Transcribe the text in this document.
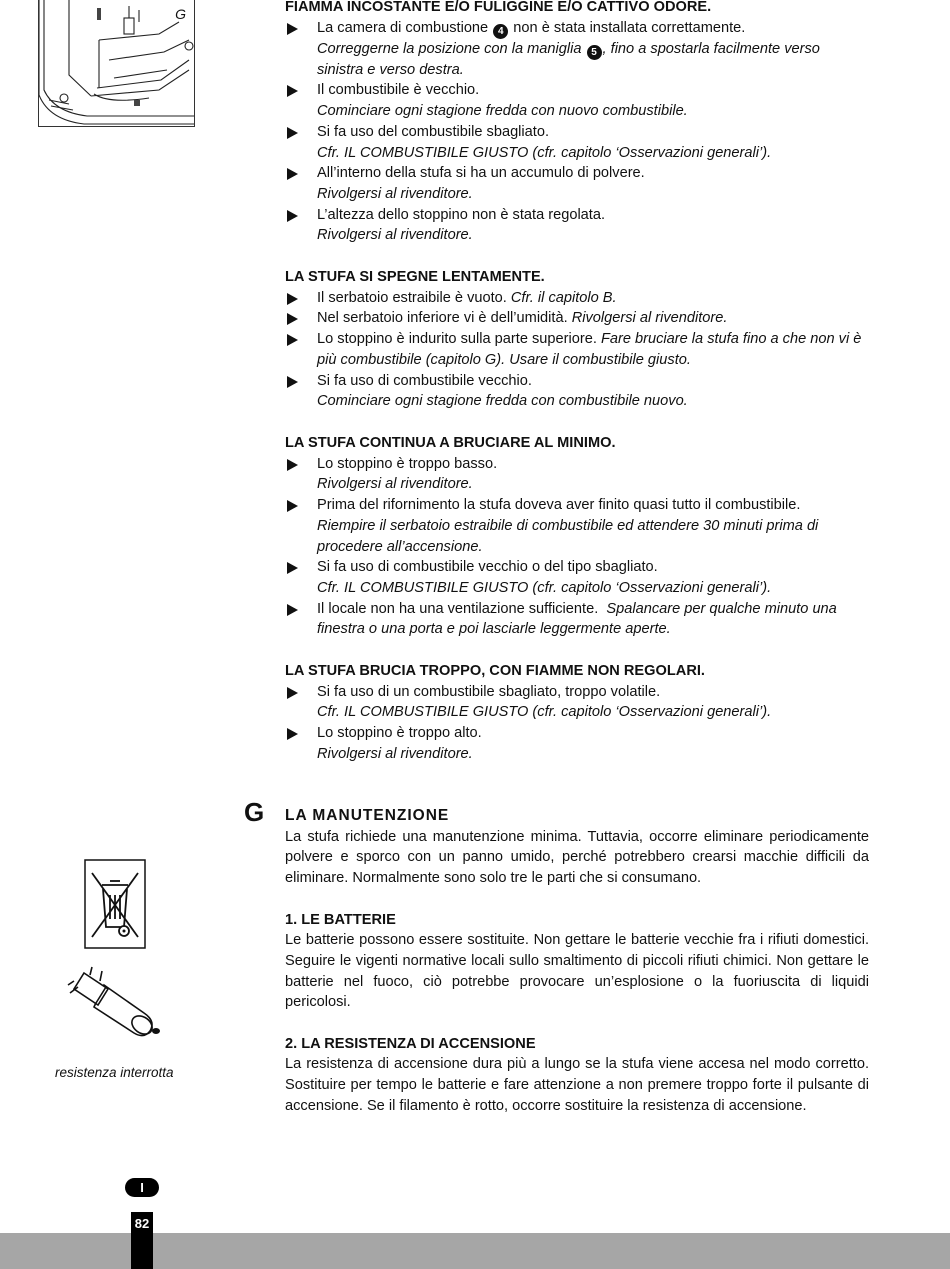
G	FIAMMA INCOSTANTE E/O FULIGGINE E/O CATTIVO ODORE.

La camera di combustione 4 non è stata installata correttamente.

Correggerne la posizione con la maniglia 5 , fino a spostarla facilmente verso sinistra e verso destra.

Il combustibile è vecchio.

Cominciare ogni stagione fredda con nuovo combustibile.

Si fa uso del combustibile sbagliato.

Cfr. IL COMBUSTIBILE GIUSTO (cfr. capitolo ‘Osservazioni generali’).

All’interno della stufa si ha un accumulo di polvere.

Rivolgersi al rivenditore.

L’altezza dello stoppino non è stata regolata.

Rivolgersi al rivenditore.

LA STUFA SI SPEGNE LENTAMENTE.

Il serbatoio estraibile è vuoto. Cfr. il capitolo B.

Nel serbatoio inferiore vi è dell’umidità. Rivolgersi al rivenditore.

Lo stoppino è indurito sulla parte superiore. Fare bruciare la stufa fino a che non vi è più combustibile (capitolo G). Usare il combustibile giusto.

Si fa uso di combustibile vecchio.

Cominciare ogni stagione fredda con combustibile nuovo.

LA STUFA CONTINUA A BRUCIARE AL MINIMO.

Lo stoppino è troppo basso.

Rivolgersi al rivenditore.

Prima del rifornimento la stufa doveva aver finito quasi tutto il combustibile.

Riempire il serbatoio estraibile di combustibile ed attendere 30 minuti prima di procedere all’accensione.

Si fa uso di combustibile vecchio o del tipo sbagliato.

Cfr. IL COMBUSTIBILE GIUSTO (cfr. capitolo ‘Osservazioni generali’).

Il locale non ha una ventilazione sufficiente. Spalancare per qualche minuto una finestra o una porta e poi lasciarle leggermente aperte.

LA STUFA BRUCIA TROPPO, CON FIAMME NON REGOLARI.

Si fa uso di un combustibile sbagliato, troppo volatile.

Cfr. IL COMBUSTIBILE GIUSTO (cfr. capitolo ‘Osservazioni generali’).

Lo stoppino è troppo alto.

Rivolgersi al rivenditore.

G LA MANUTENZIONE

La stufa richiede una manutenzione minima. Tuttavia, occorre eliminare periodicamente polvere e sporco con un panno umido, perché potrebbero crearsi macchie difficili da eliminare. Normalmente sono solo tre le parti che si consumano.

1. LE BATTERIE

Le batterie possono essere sostituite. Non gettare le batterie vecchie fra i rifiuti domestici. Seguire le vigenti normative locali sullo smaltimento di piccoli rifiuti chimici. Non gettare le batterie nel fuoco, ciò potrebbe provocare un’esplosione o la fuoriuscita di liquidi pericolosi.

2. LA RESISTENZA DI ACCENSIONE

La resistenza di accensione dura più a lungo se la stufa viene accesa nel modo corretto. Sostituire per tempo le batterie e fare attenzione a non premere troppo forte il pulsante di accensione. Se il filamento è rotto, occorre sostituire la resistenza di accensione.

resistenza interrotta
I
82
